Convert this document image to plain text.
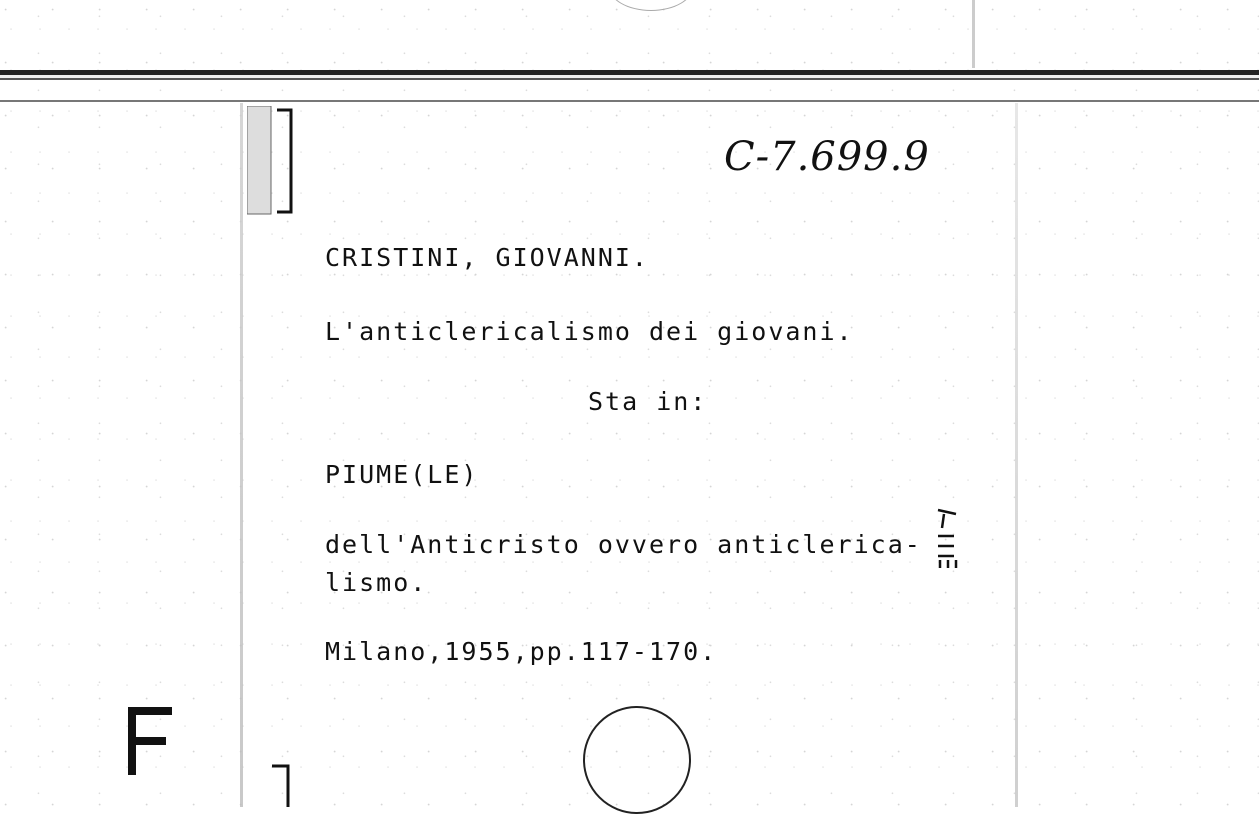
C-7.699.9
CRISTINI, GIOVANNI.
L'anticlericalismo dei giovani.
Sta in:
PIUME(LE)
dell'Anticristo ovvero anticlerica-
lismo.
Milano,1955,pp.117-170.
